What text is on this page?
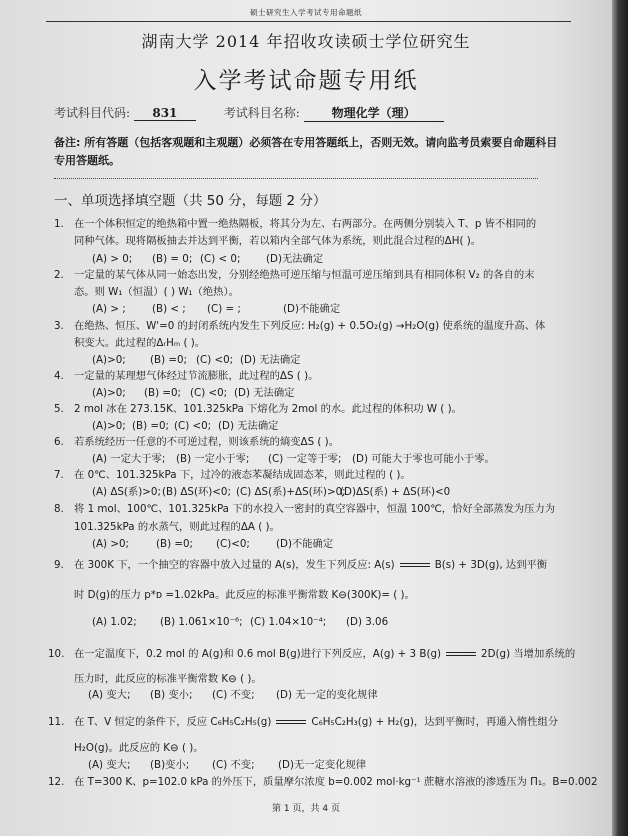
硕士研究生入学考试专用命题纸
湖南大学 2014 年招收攻读硕士学位研究生
入学考试命题专用纸
考试科目代码: 831	考试科目名称:	物理化学（理）
备注: 所有答题（包括客观题和主观题）必须答在专用答题纸上，否则无效。请向监考员索要自命题科目专用答题纸。
一、单项选择填空题（共 50 分，每题 2 分）
1. 在一个体积恒定的绝热箱中置一绝热隔板，将其分为左、右两部分。在两侧分别装入 T、p 皆不相同的
同种气体。现将隔板抽去并达到平衡，若以箱内全部气体为系统，则此混合过程的ΔH( )。
(A) > 0; (B) = 0; (C) < 0; (D)无法确定
2. 一定量的某气体从同一始态出发，分别经绝热可逆压缩与恒温可逆压缩到具有相同体积 V₂ 的各自的末
态。则 W₁（恒温）( ) W₁（绝热）。
(A) > ;	(B) < ; (C) = ;	(D)不能确定
3. 在绝热、恒压、W'=0 的封闭系统内发生下列反应: H₂(g) + 0.5O₂(g) →H₂O(g) 使系统的温度升高、体
积变大。此过程的ΔᵣHₘ ( )。
(A)>0; (B) =0; (C) <0; (D) 无法确定
4. 一定量的某理想气体经过节流膨胀，此过程的ΔS ( )。
(A)>0; (B) =0; (C) <0; (D) 无法确定
5. 2 mol 冰在 273.15K、101.325kPa 下熔化为 2mol 的水。此过程的体积功 W ( )。
(A)>0; (B) =0; (C) <0; (D) 无法确定
6. 若系统经历一任意的不可逆过程，则该系统的熵变ΔS ( )。
(A) 一定大于零; (B) 一定小于零; (C) 一定等于零; (D) 可能大于零也可能小于零。
7. 在 0℃、101.325kPa 下，过冷的液态苯凝结成固态苯，则此过程的 ( )。
(A) ΔS(系)>0;(B) ΔS(环)<0; (C) ΔS(系)+ΔS(环)>0;(D)ΔS(系) + ΔS(环)<0
8. 将 1 mol、100℃、101.325kPa 下的水投入一密封的真空容器中，恒温 100℃，恰好全部蒸发为压力为
101.325kPa 的水蒸气，则此过程的ΔA ( )。
(A) >0;	(B) =0; (C)<0;	(D)不能确定
9. 在 300K 下，一个抽空的容器中放入过量的 A(s)，发生下列反应: A(s)	B(s) + 3D(g), 达到平衡
时 D(g)的压力 p*ᴅ =1.02kPa。此反应的标准平衡常数 K⊖(300K)= ( )。
(A) 1.02; (B) 1.061×10⁻⁶; (C) 1.04×10⁻⁴; (D) 3.06
10. 在一定温度下，0.2 mol 的 A(g)和 0.6 mol B(g)进行下列反应，A(g) + 3 B(g)	2D(g) 当增加系统的
压力时，此反应的标准平衡常数 K⊖ ( )。
(A) 变大; (B) 变小; (C) 不变; (D) 无一定的变化规律
11. 在 T、V 恒定的条件下，反应 C₆H₅C₂H₅(g)	C₆H₅C₂H₃(g) + H₂(g)，达到平衡时，再通入惰性组分
H₂O(g)。此反应的 K⊖ ( )。
(A) 变大; (B)变小; (C) 不变; (D)无一定变化规律
12. 在 T=300 K、p=102.0 kPa 的外压下，质量摩尔浓度 b=0.002 mol·kg⁻¹ 蔗糖水溶液的渗透压为 Π₁。B=0.002
第 1 页，共 4 页
